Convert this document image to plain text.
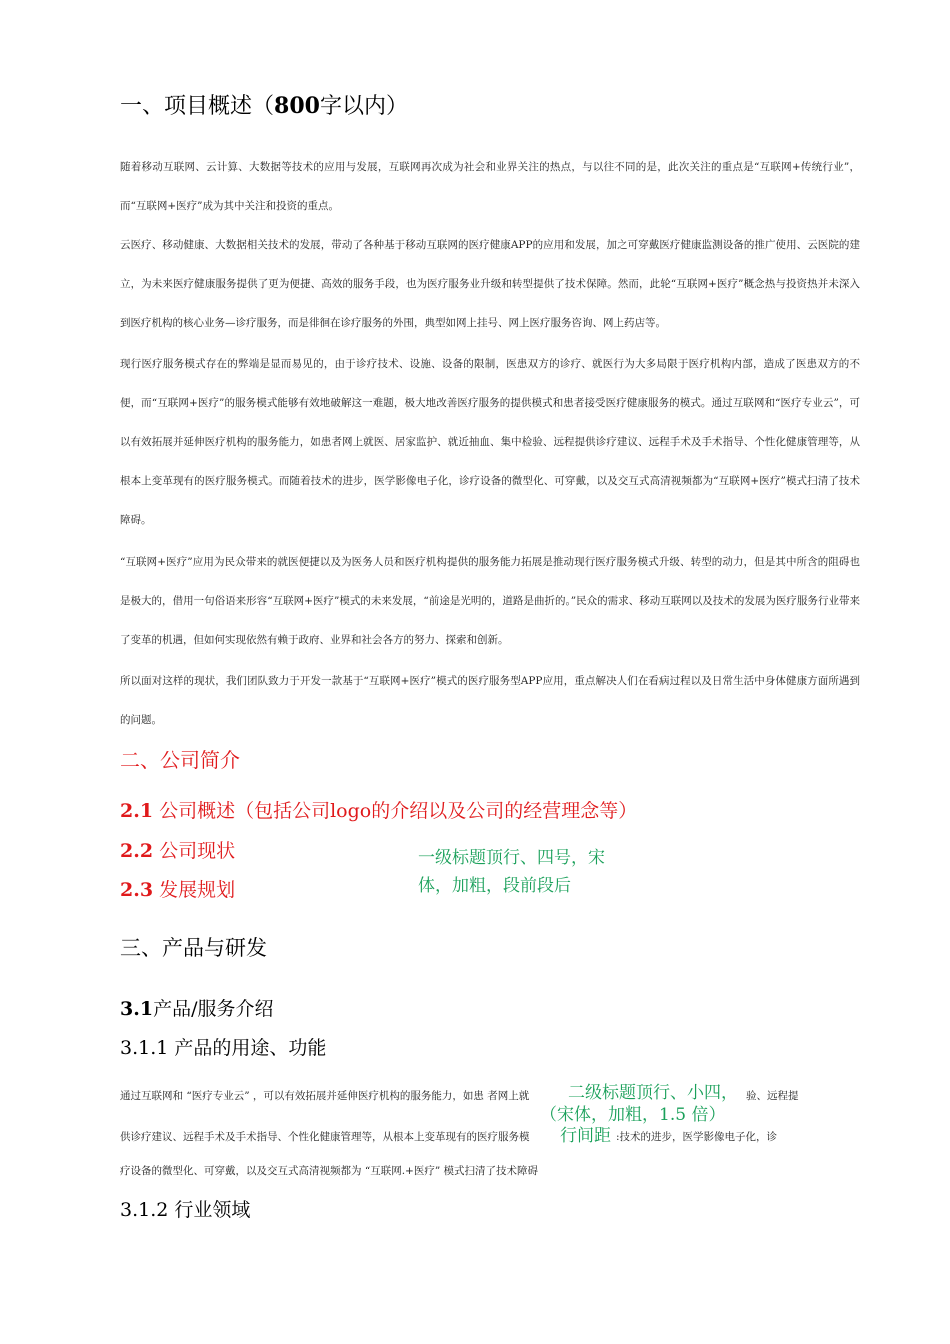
一、项目概述（800字以内）

随着移动互联网、云计算、大数据等技术的应用与发展，互联网再次成为社会和业界关注的热点，与以往不同的是，此次关注的重点是“互联网+传统行业”，而“互联网+医疗”成为其中关注和投资的重点。

云医疗、移动健康、大数据相关技术的发展，带动了各种基于移动互联网的医疗健康APP的应用和发展，加之可穿戴医疗健康监测设备的推广使用、云医院的建立，为未来医疗健康服务提供了更为便捷、高效的服务手段，也为医疗服务业升级和转型提供了技术保障。然而，此轮“互联网+医疗”概念热与投资热并未深入到医疗机构的核心业务—诊疗服务，而是徘徊在诊疗服务的外围，典型如网上挂号、网上医疗服务咨询、网上药店等。

现行医疗服务模式存在的弊端是显而易见的，由于诊疗技术、设施、设备的限制，医患双方的诊疗、就医行为大多局限于医疗机构内部，造成了医患双方的不便，而“互联网+医疗”的服务模式能够有效地破解这一难题，极大地改善医疗服务的提供模式和患者接受医疗健康服务的模式。通过互联网和“医疗专业云”，可以有效拓展并延伸医疗机构的服务能力，如患者网上就医、居家监护、就近抽血、集中检验、远程提供诊疗建议、远程手术及手术指导、个性化健康管理等，从根本上变革现有的医疗服务模式。而随着技术的进步，医学影像电子化，诊疗设备的微型化、可穿戴，以及交互式高清视频都为“互联网+医疗”模式扫清了技术障碍。

“互联网+医疗”应用为民众带来的就医便捷以及为医务人员和医疗机构提供的服务能力拓展是推动现行医疗服务模式升级、转型的动力，但是其中所含的阻碍也是极大的，借用一句俗语来形容“互联网+医疗”模式的未来发展，“前途是光明的，道路是曲折的。”民众的需求、移动互联网以及技术的发展为医疗服务行业带来了变革的机遇，但如何实现依然有赖于政府、业界和社会各方的努力、探索和创新。

所以面对这样的现状，我们团队致力于开发一款基于“互联网+医疗”模式的医疗服务型APP应用，重点解决人们在看病过程以及日常生活中身体健康方面所遇到的问题。

二、公司简介
2.1 公司概述（包括公司logo的介绍以及公司的经营理念等）
2.2 公司现状
2.3 发展规划
一级标题顶行、四号，宋体，加粗，段前段后
三、产品与研发
3.1产品/服务介绍
3.1.1 产品的用途、功能
通过互联网和 “医疗专业云” ，可以有效拓展并延伸医疗机构的服务能力，如患 者网上就	验、远程提
供诊疗建议、远程手术及手术指导、个性化健康管理等，从根本上变革现有的医疗服务模	:技术的进步，医学影像电子化，诊
疗设备的微型化、可穿戴，以及交互式高清视频都为 “互联网.+医疗” 模式扫清了技术障碍
二级标题顶行、小四，
（宋体，加粗，1.5 倍）
行间距
3.1.2 行业领域
